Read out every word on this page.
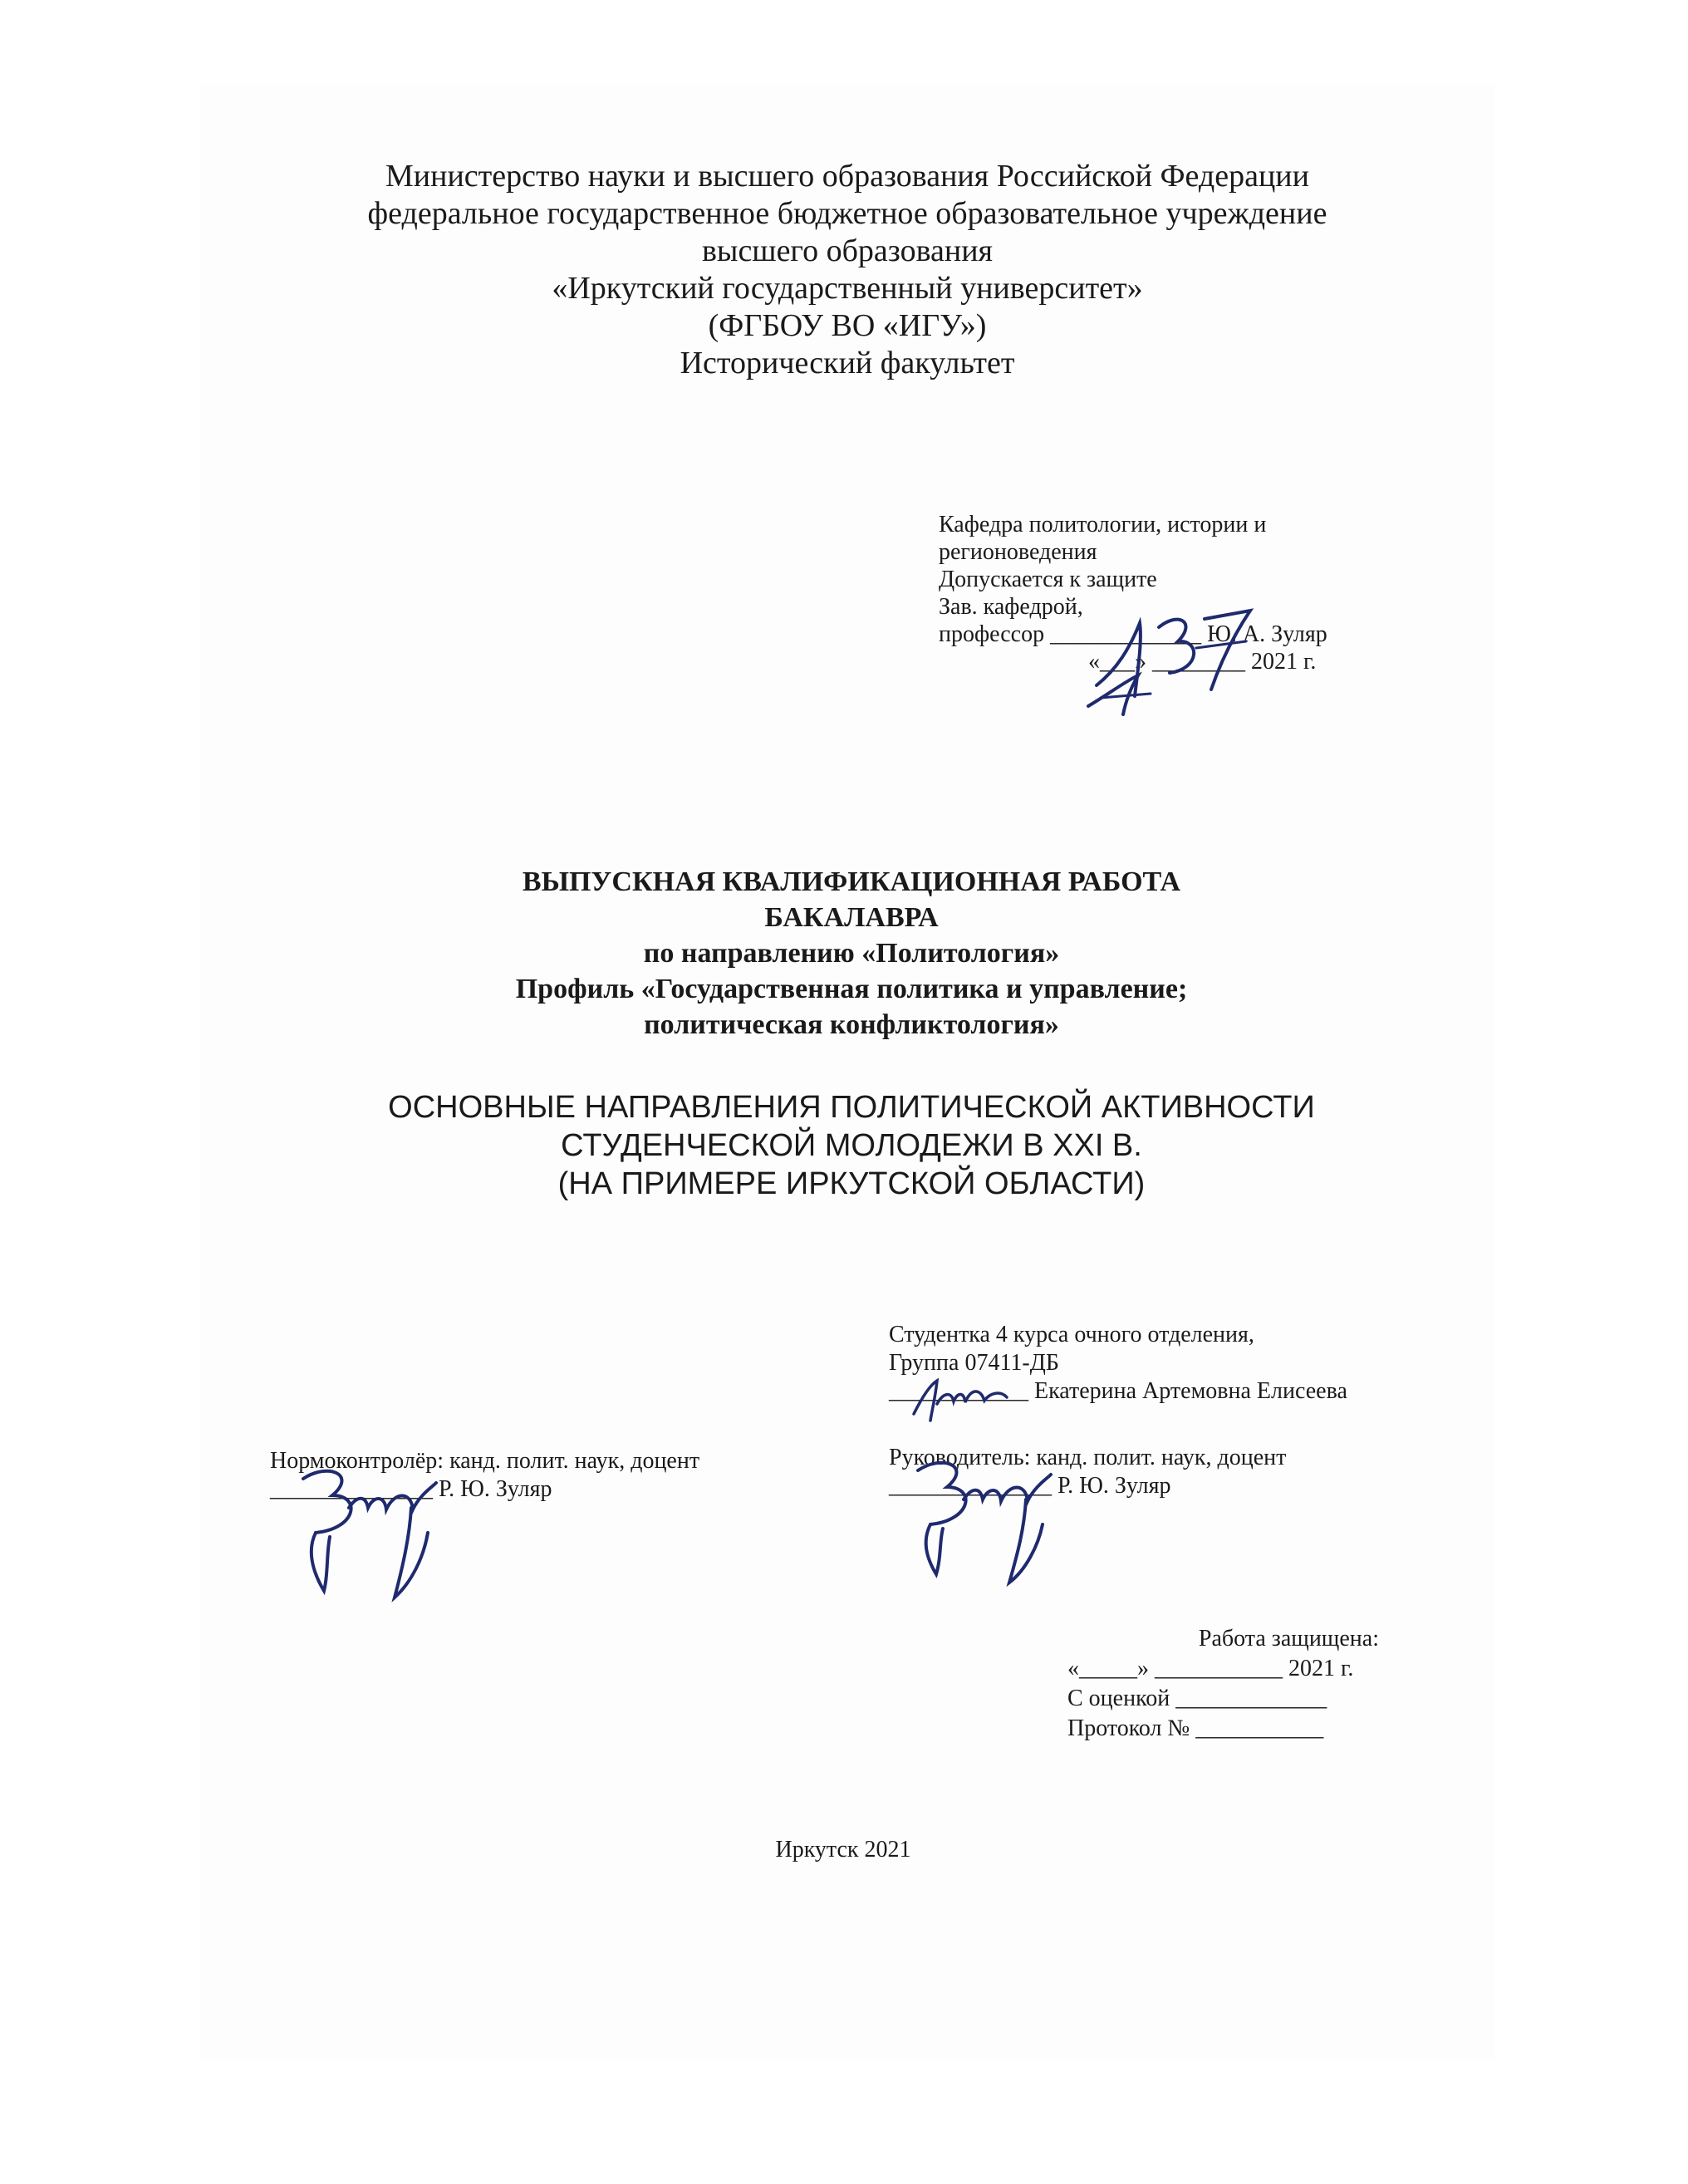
Министерство науки и высшего образования Российской Федерации
федеральное государственное бюджетное образовательное учреждение
высшего образования
«Иркутский государственный университет»
(ФГБОУ ВО «ИГУ»)
Исторический факультет
Кафедра политологии, истории и
регионоведения
Допускается к защите
Зав. кафедрой,
профессор _____________ Ю. А. Зуляр
«___» ________ 2021 г.
ВЫПУСКНАЯ КВАЛИФИКАЦИОННАЯ РАБОТА
БАКАЛАВРА
по направлению «Политология»
Профиль «Государственная политика и управление;
политическая конфликтология»
ОСНОВНЫЕ НАПРАВЛЕНИЯ ПОЛИТИЧЕСКОЙ АКТИВНОСТИ
СТУДЕНЧЕСКОЙ МОЛОДЕЖИ В XXI В.
(НА ПРИМЕРЕ ИРКУТСКОЙ ОБЛАСТИ)
Студентка 4 курса очного отделения,
Группа 07411-ДБ
____________ Екатерина Артемовна Елисеева
Нормоконтролёр: канд. полит. наук, доцент
______________ Р. Ю. Зуляр
Руководитель: канд. полит. наук, доцент
______________ Р. Ю. Зуляр
Работа защищена:
«_____» ___________ 2021 г.
С оценкой _____________
Протокол № ___________
Иркутск 2021
